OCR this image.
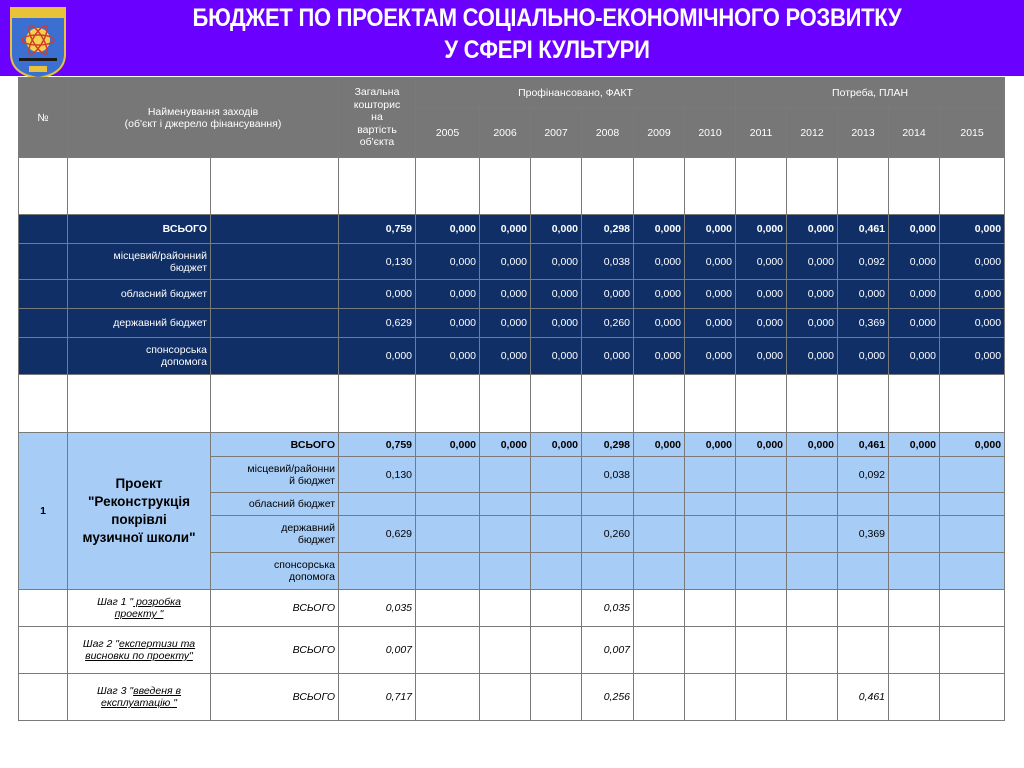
БЮДЖЕТ ПО ПРОЕКТАМ СОЦІАЛЬНО-ЕКОНОМІЧНОГО РОЗВИТКУ
У СФЕРІ КУЛЬТУРИ
№	Найменування заходів
(об'єкт і джерело фінансування)		Загальна
кошторис
на
вартість
об'єкта	Профінансовано, ФАКТ						Потреба, ПЛАН				
				2005	2006	2007	2008	2009	2010	2011	2012	2013	2014	2015

	ВСЬОГО		0,759	0,000	0,000	0,000	0,298	0,000	0,000	0,000	0,000	0,461	0,000	0,000
	місцевий/районний
бюджет		0,130	0,000	0,000	0,000	0,038	0,000	0,000	0,000	0,000	0,092	0,000	0,000
	обласний бюджет		0,000	0,000	0,000	0,000	0,000	0,000	0,000	0,000	0,000	0,000	0,000	0,000
	державний бюджет		0,629	0,000	0,000	0,000	0,260	0,000	0,000	0,000	0,000	0,369	0,000	0,000
	спонсорська
допомога		0,000	0,000	0,000	0,000	0,000	0,000	0,000	0,000	0,000	0,000	0,000	0,000

1	Проект
"Реконструкція
покрівлі
музичної школи"	ВСЬОГО	0,759	0,000	0,000	0,000	0,298	0,000	0,000	0,000	0,000	0,461	0,000	0,000
		місцевий/районни
й бюджет	0,130				0,038					0,092		
		обласний бюджет												
		державний
бюджет	0,629				0,260					0,369		
		спонсорська
допомога												
	Шаг 1 " розробка
проекту "	ВСЬОГО	0,035				0,035							
	Шаг 2 "експертизи та
висновки по проекту"	ВСЬОГО	0,007				0,007							
	Шаг 3 "введеня в
експлуатацію "	ВСЬОГО	0,717				0,256					0,461		
